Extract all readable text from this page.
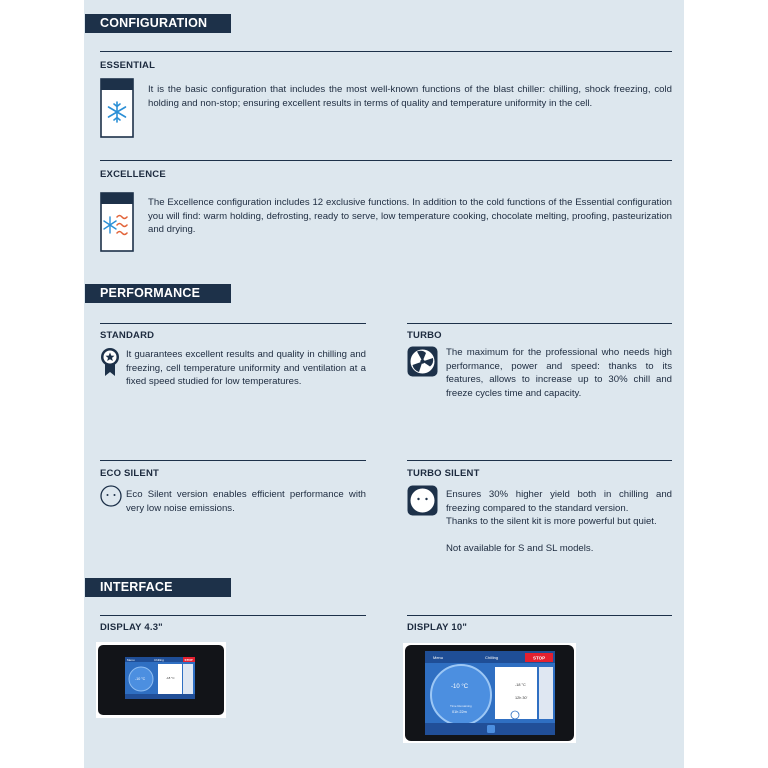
CONFIGURATION
ESSENTIAL
It is the basic configuration that includes the most well-known functions of the blast chiller: chilling, shock freezing, cold holding and non-stop; ensuring excellent results in terms of quality and temperature uniformity in the cell.
EXCELLENCE
The Excellence configuration includes 12 exclusive functions. In addition to the cold functions of the Essential configuration you will find: warm holding, defrosting, ready to serve, low temperature cooking, chocolate melting, proofing, pasteurization and drying.
PERFORMANCE
STANDARD
It guarantees excellent results and quality in chilling and freezing, cell temperature uniformity and ventilation at a fixed speed studied for low temperatures.
TURBO
The maximum for the professional who needs high performance, power and speed: thanks to its features, allows to increase up to 30% chill and freeze cycles time and capacity.
ECO SILENT
Eco Silent version enables efficient performance with very low noise emissions.
TURBO SILENT
Ensures 30% higher yield both in chilling and freezing compared to the standard version.
Thanks to the silent kit is more powerful but quiet.
Not available for S and SL models.
INTERFACE
DISPLAY 4.3"	DISPLAY 10"
Menu	Chilling	STOP
-10 °C	-18 °C
Menu	Chilling	STOP
-10 °C
Time Remaining
01h 22m
-18 °C
12h 30'
